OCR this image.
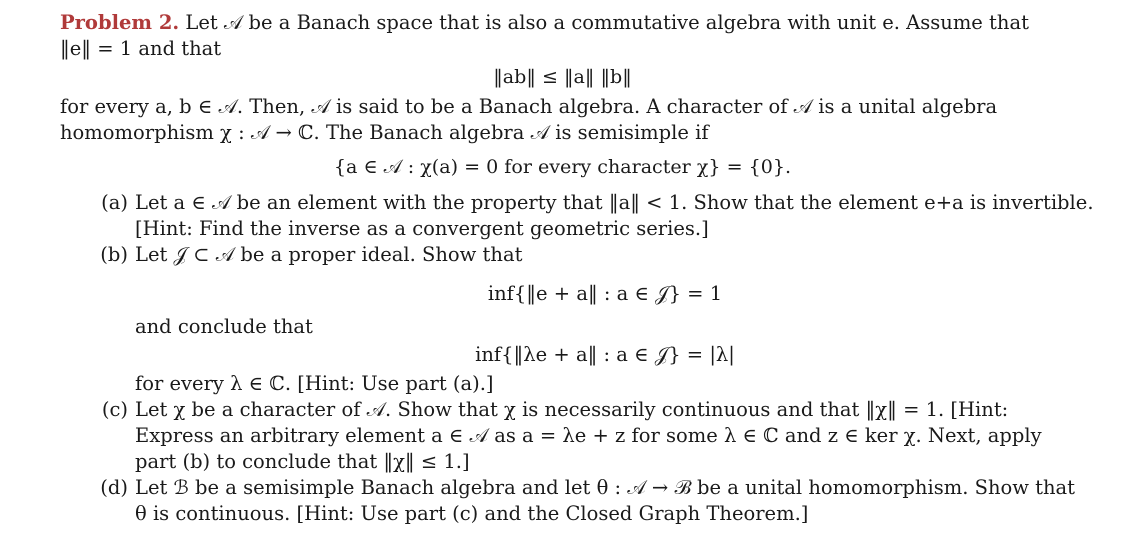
Problem 2. Let 𝒜 be a Banach space that is also a commutative algebra with unit e. Assume that
‖e‖ = 1 and that
‖ab‖ ≤ ‖a‖ ‖b‖
for every a, b ∈ 𝒜. Then, 𝒜 is said to be a Banach algebra. A character of 𝒜 is a unital algebra
homomorphism χ : 𝒜 → ℂ. The Banach algebra 𝒜 is semisimple if
{a ∈ 𝒜 : χ(a) = 0 for every character χ} = {0}.
(a) Let a ∈ 𝒜 be an element with the property that ‖a‖ < 1. Show that the element e+a is invertible.
[Hint: Find the inverse as a convergent geometric series.]
(b) Let 𝒥 ⊂ 𝒜 be a proper ideal. Show that
inf{‖e + a‖ : a ∈ 𝒥} = 1
and conclude that
inf{‖λe + a‖ : a ∈ 𝒥} = |λ|
for every λ ∈ ℂ. [Hint: Use part (a).]
(c) Let χ be a character of 𝒜. Show that χ is necessarily continuous and that ‖χ‖ = 1. [Hint:
Express an arbitrary element a ∈ 𝒜 as a = λe + z for some λ ∈ ℂ and z ∈ ker χ. Next, apply
part (b) to conclude that ‖χ‖ ≤ 1.]
(d) Let ℬ be a semisimple Banach algebra and let θ : 𝒜 → ℬ be a unital homomorphism. Show that
θ is continuous. [Hint: Use part (c) and the Closed Graph Theorem.]
